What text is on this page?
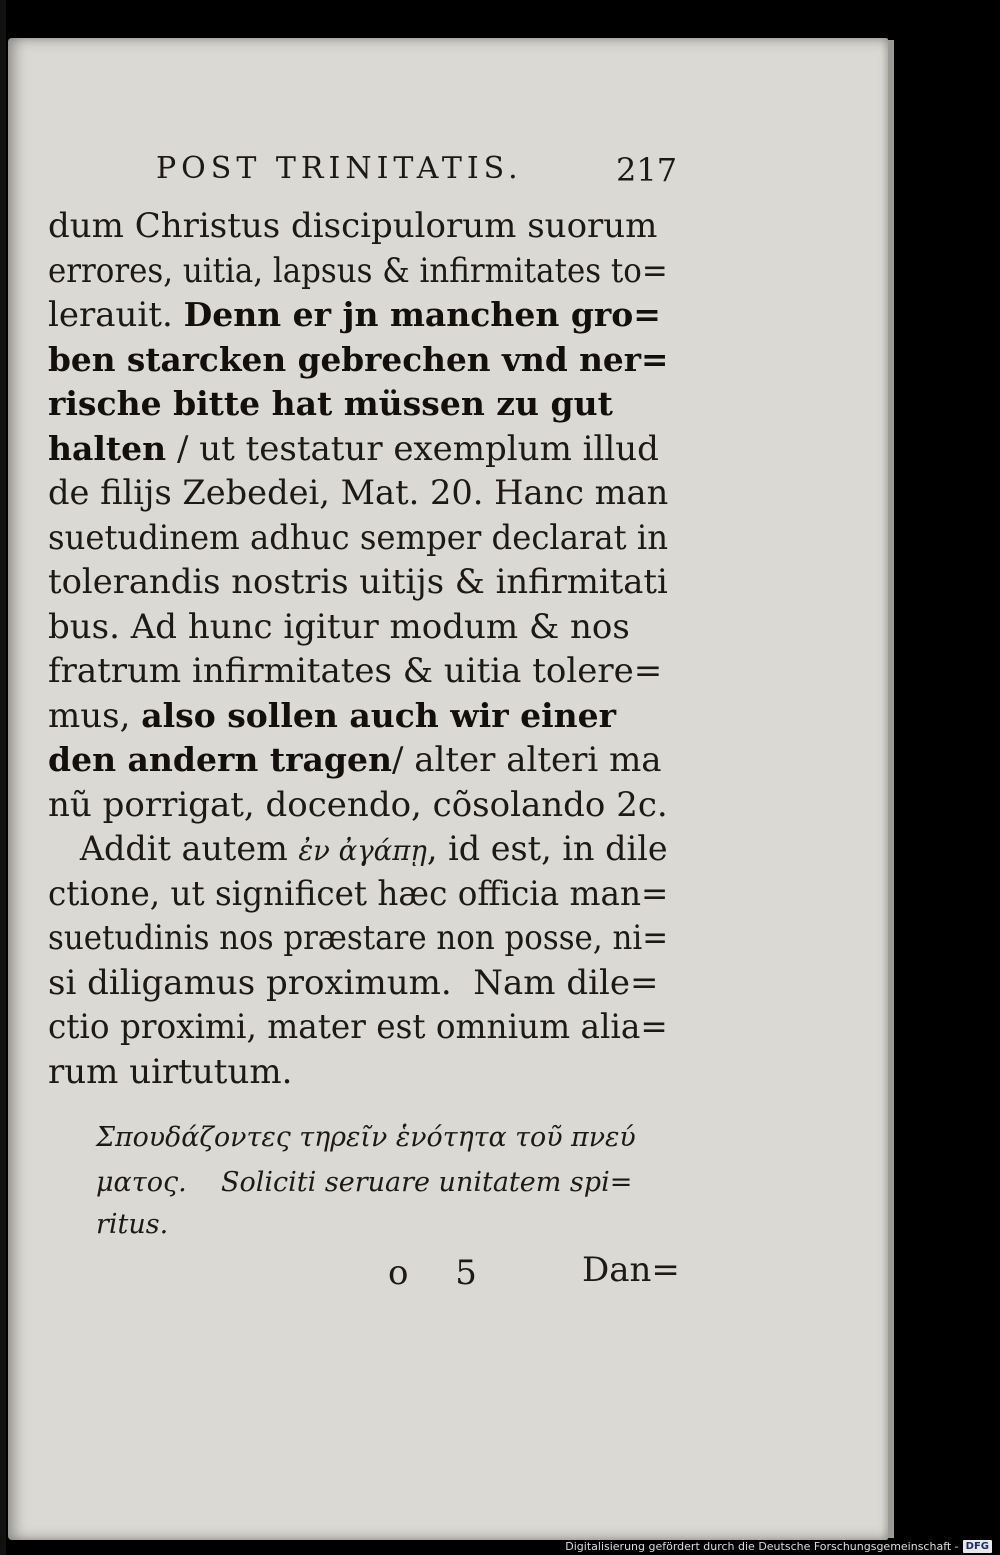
POST TRINITATIS.	217
dum Christus discipulorum suorum
errores, uitia, lapsus & infirmitates to=
lerauit. Denn er jn manchen gro=
ben starcken gebrechen vnd ner=
rische bitte hat müssen zu gut
halten / ut testatur exemplum illud
de filijs Zebedei, Mat. 20. Hanc man
suetudinem adhuc semper declarat in
tolerandis nostris uitijs & infirmitati
bus. Ad hunc igitur modum & nos
fratrum infirmitates & uitia tolere=
mus, also sollen auch wir einer
den andern tragen/ alter alteri ma
nũ porrigat, docendo, cõsolando 2c.
Addit autem ἐν ἀγάπῃ, id est, in dile
ctione, ut significet hæc officia man=
suetudinis nos præstare non posse, ni=
si diligamus proximum.  Nam dile=
ctio proximi, mater est omnium alia=
rum uirtutum.
Σπουδάζοντες τηρεῖν ἑνότητα τοῦ πνεύ
ματος.    Soliciti seruare unitatem spi=
ritus.
o 5	Dan=
Digitalisierung gefördert durch die Deutsche Forschungsgemeinschaft - DFG
